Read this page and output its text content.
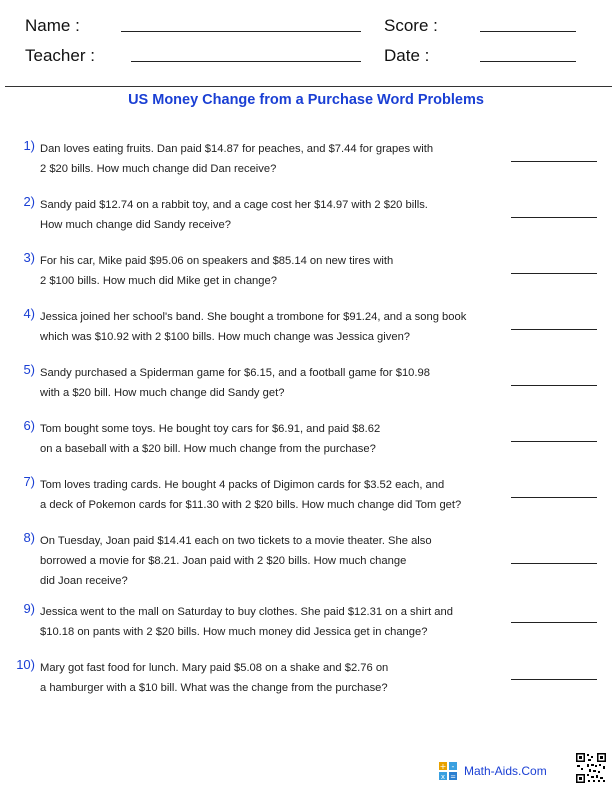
Name :
Teacher :
Score :
Date :
US Money Change from a Purchase Word Problems
1) Dan loves eating fruits. Dan paid $14.87 for peaches, and $7.44 for grapes with
2 $20 bills. How much change did Dan receive?
2) Sandy paid $12.74 on a rabbit toy, and a cage cost her $14.97 with 2 $20 bills.
How much change did Sandy receive?
3) For his car, Mike paid $95.06 on speakers and $85.14 on new tires with
2 $100 bills. How much did Mike get in change?
4) Jessica joined her school's band. She bought a trombone for $91.24, and a song book
which was $10.92 with 2 $100 bills. How much change was Jessica given?
5) Sandy purchased a Spiderman game for $6.15, and a football game for $10.98
with a $20 bill. How much change did Sandy get?
6) Tom bought some toys. He bought toy cars for $6.91, and paid $8.62
on a baseball with a $20 bill. How much change from the purchase?
7) Tom loves trading cards. He bought 4 packs of Digimon cards for $3.52 each, and
a deck of Pokemon cards for $11.30 with 2 $20 bills. How much change did Tom get?
8) On Tuesday, Joan paid $14.41 each on two tickets to a movie theater. She also
borrowed a movie for $8.21. Joan paid with 2 $20 bills. How much change
did Joan receive?
9) Jessica went to the mall on Saturday to buy clothes. She paid $12.31 on a shirt and
$10.18 on pants with 2 $20 bills. How much money did Jessica get in change?
10) Mary got fast food for lunch. Mary paid $5.08 on a shake and $2.76 on
a hamburger with a $10 bill. What was the change from the purchase?
+ -
x = Math-Aids.Com
